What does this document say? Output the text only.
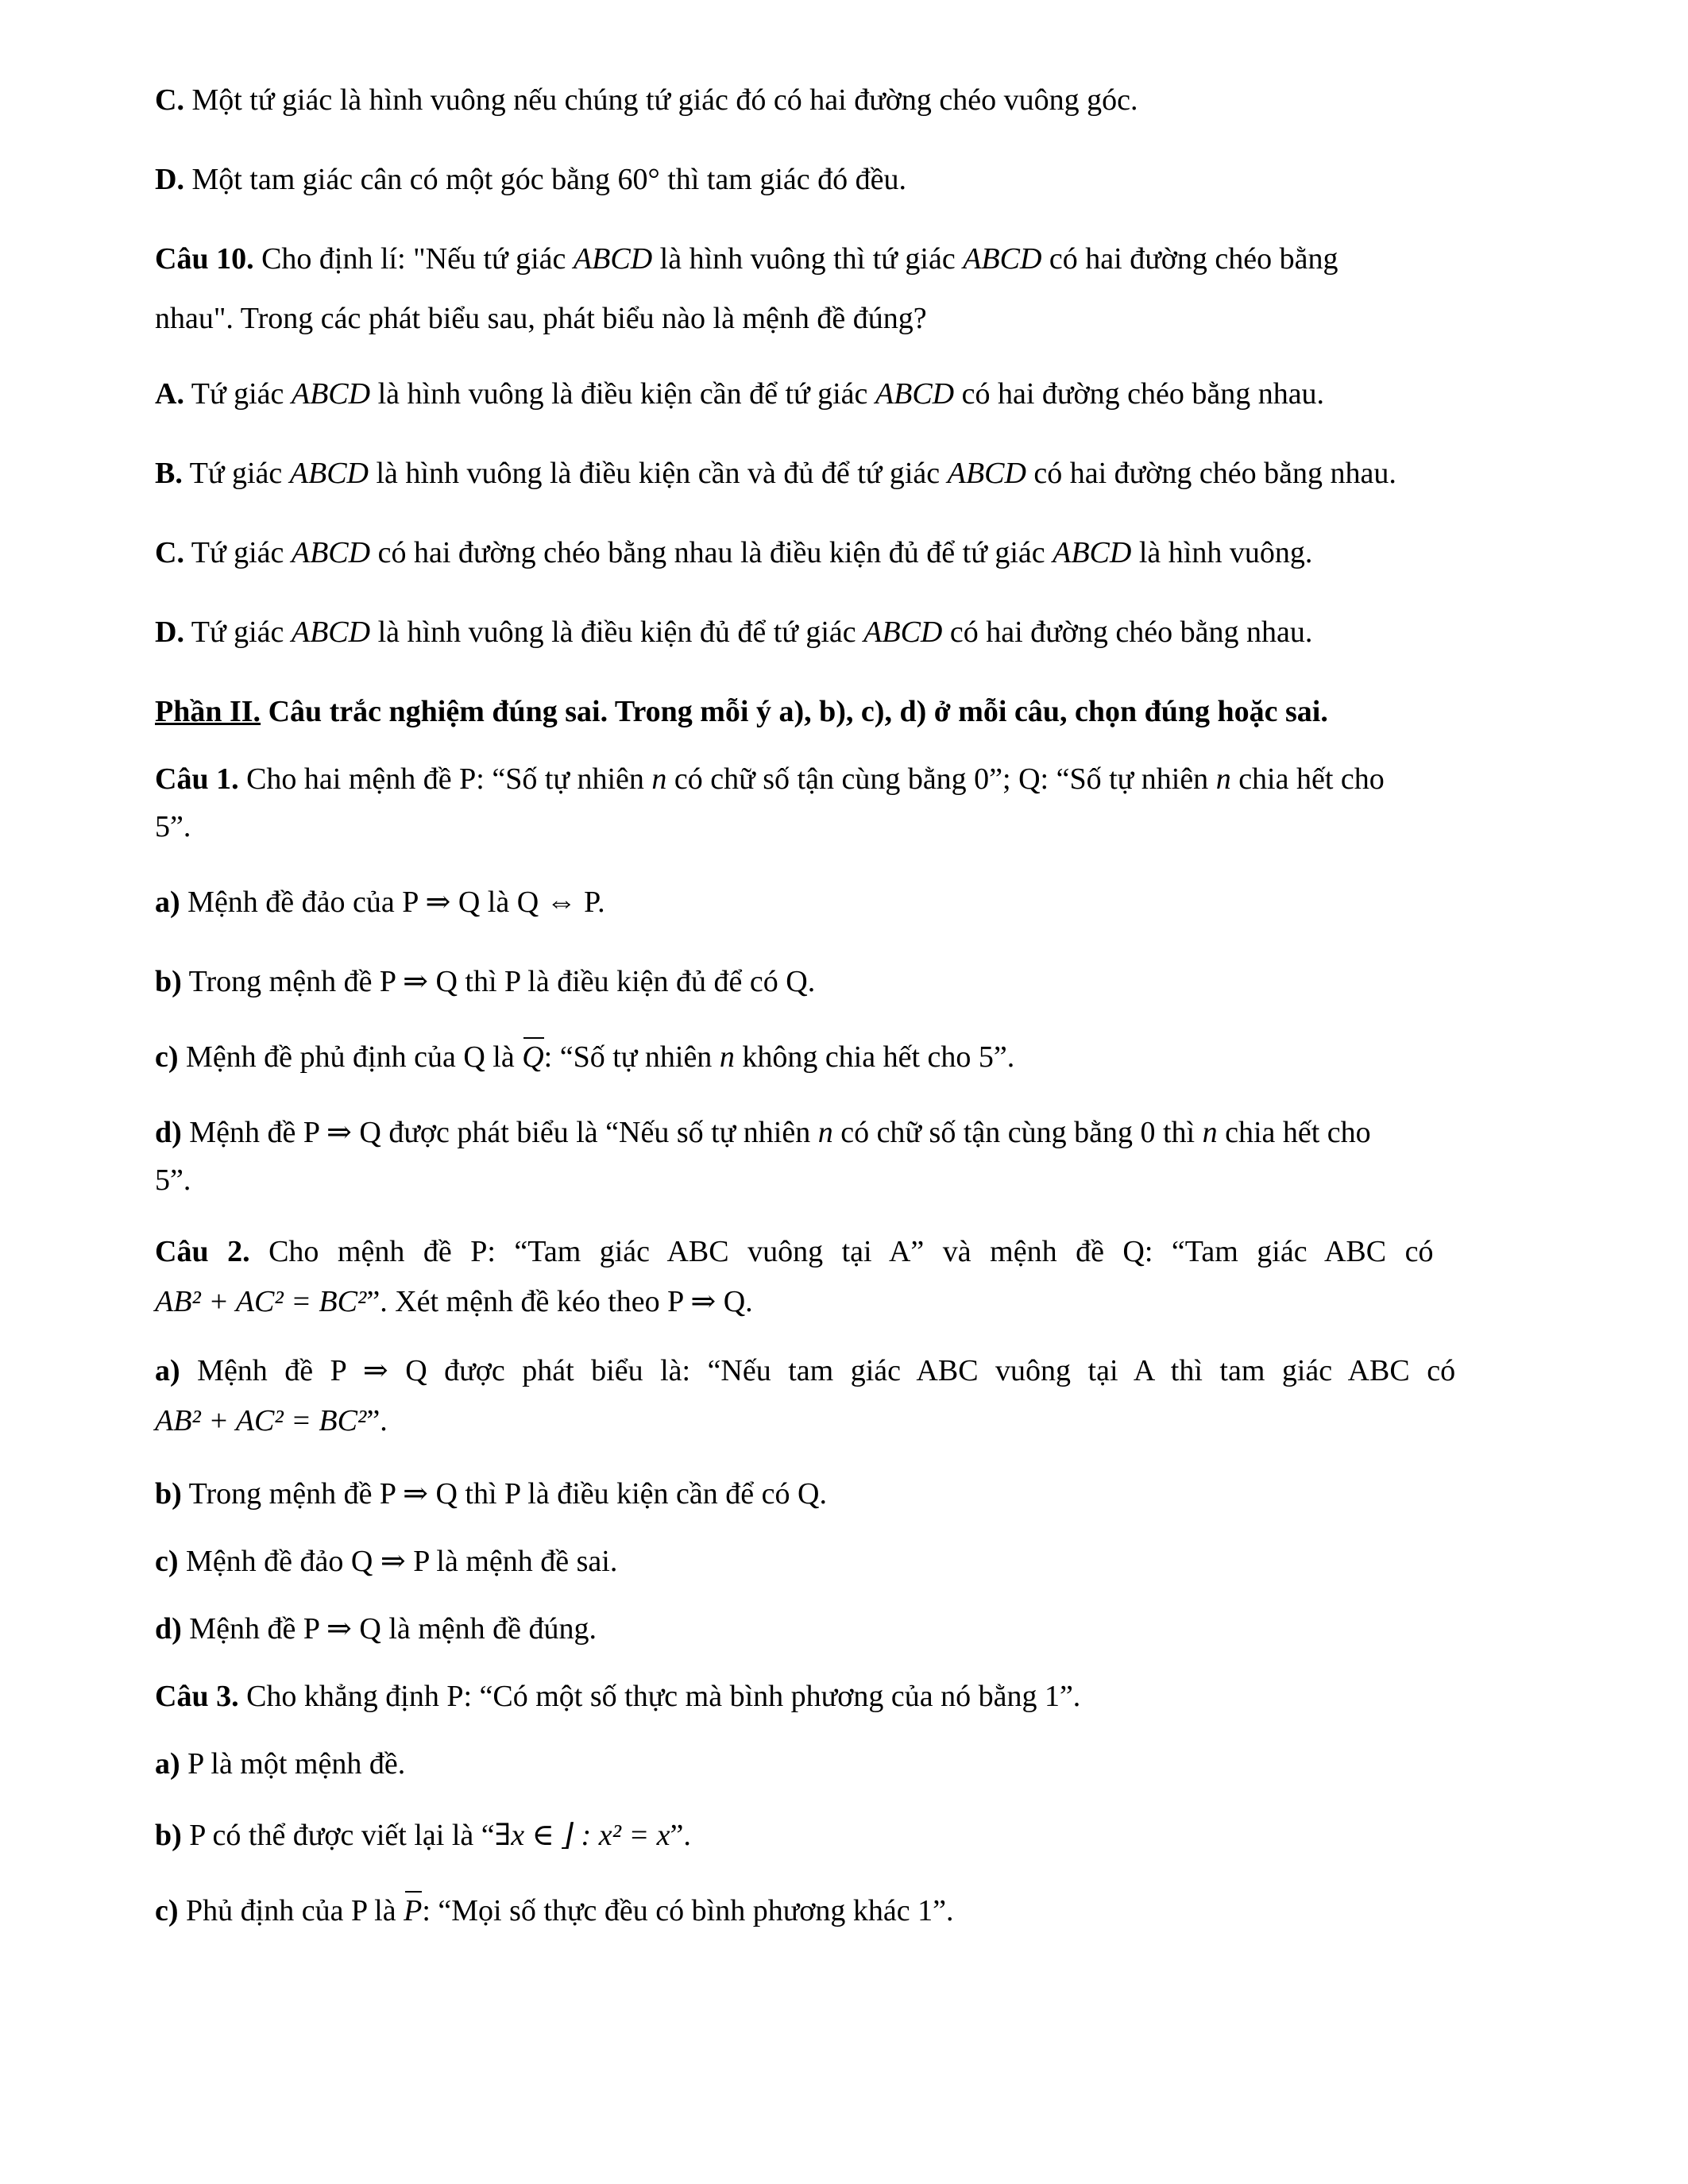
C. Một tứ giác là hình vuông nếu chúng tứ giác đó có hai đường chéo vuông góc.
D. Một tam giác cân có một góc bằng 60° thì tam giác đó đều.
Câu 10. Cho định lí: "Nếu tứ giác ABCD là hình vuông thì tứ giác ABCD có hai đường chéo bằng
nhau". Trong các phát biểu sau, phát biểu nào là mệnh đề đúng?
A. Tứ giác ABCD là hình vuông là điều kiện cần để tứ giác ABCD có hai đường chéo bằng nhau.
B. Tứ giác ABCD là hình vuông là điều kiện cần và đủ để tứ giác ABCD có hai đường chéo bằng nhau.
C. Tứ giác ABCD có hai đường chéo bằng nhau là điều kiện đủ để tứ giác ABCD là hình vuông.
D. Tứ giác ABCD là hình vuông là điều kiện đủ để tứ giác ABCD có hai đường chéo bằng nhau.
Phần II. Câu trắc nghiệm đúng sai. Trong mỗi ý a), b), c), d) ở mỗi câu, chọn đúng hoặc sai.
Câu 1. Cho hai mệnh đề P: “Số tự nhiên n có chữ số tận cùng bằng 0”; Q: “Số tự nhiên n chia hết cho
5”.
a) Mệnh đề đảo của P ⇒ Q là Q ⇔ P.
b) Trong mệnh đề P ⇒ Q thì P là điều kiện đủ để có Q.
c) Mệnh đề phủ định của Q là Q: “Số tự nhiên n không chia hết cho 5”.
d) Mệnh đề P ⇒ Q được phát biểu là “Nếu số tự nhiên n có chữ số tận cùng bằng 0 thì n chia hết cho
5”.
Câu 2. Cho mệnh đề P: “Tam giác ABC vuông tại A” và mệnh đề Q: “Tam giác ABC có
AB² + AC² = BC²”. Xét mệnh đề kéo theo P ⇒ Q.
a) Mệnh đề P ⇒ Q được phát biểu là: “Nếu tam giác ABC vuông tại A thì tam giác ABC có
AB² + AC² = BC²”.
b) Trong mệnh đề P ⇒ Q thì P là điều kiện cần để có Q.
c) Mệnh đề đảo Q ⇒ P là mệnh đề sai.
d) Mệnh đề P ⇒ Q là mệnh đề đúng.
Câu 3. Cho khẳng định P: “Có một số thực mà bình phương của nó bằng 1”.
a) P là một mệnh đề.
b) P có thể được viết lại là “∃x ∈ ⌋ : x² = x”.
c) Phủ định của P là P: “Mọi số thực đều có bình phương khác 1”.
